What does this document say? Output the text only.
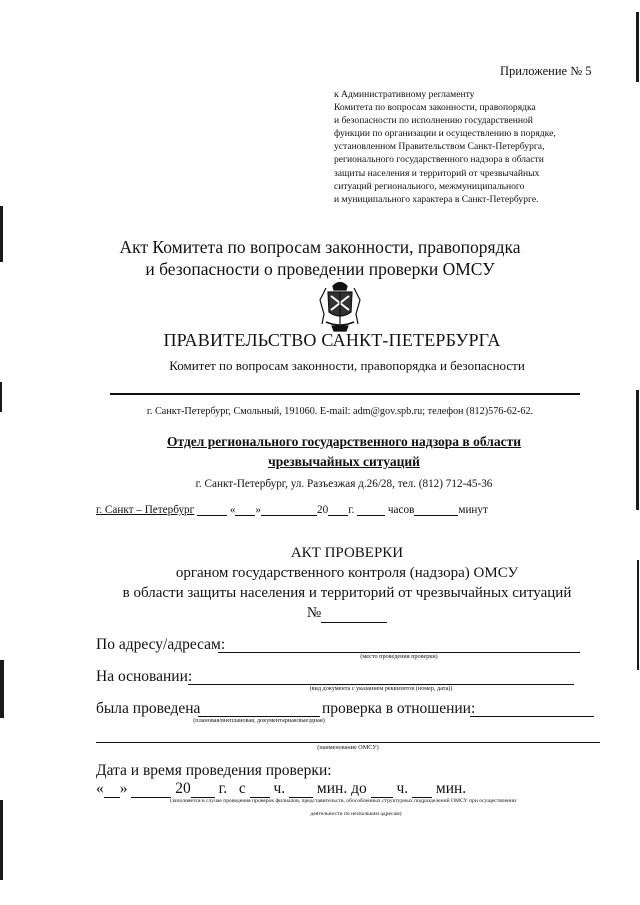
Приложение № 5
к Административному регламенту
Комитета по вопросам законности, правопорядка
и безопасности по исполнению государственной
функции по организации и осуществлению в порядке,
установленном Правительством Санкт-Петербурга,
регионального государственного надзора в области
защиты населения и территорий от чрезвычайных
ситуаций регионального, межмуниципального
и муниципального характера в Санкт-Петербурге.
Акт Комитета по вопросам законности, правопорядка
и безопасности о проведении проверки ОМСУ
ПРАВИТЕЛЬСТВО САНКТ-ПЕТЕРБУРГА
Комитет по вопросам законности, правопорядка и безопасности
г. Санкт-Петербург, Смольный, 191060. E-mail: adm@gov.spb.ru; телефон (812)576-62-62.
Отдел регионального государственного надзора в области
чрезвычайных ситуаций
г. Санкт-Петербург, ул. Разъезжая д.26/28, тел. (812) 712-45-36
г. Санкт – Петербург	« »	20 г.	часов	минут
АКТ ПРОВЕРКИ
органом государственного контроля (надзора) ОМСУ
в области защиты населения и территорий от чрезвычайных ситуаций
№
По адресу/адресам:
(место проведения проверки)
На основании:
(вид документа с указанием реквизитов (номер, дата))
была проведена	проверка в отношении:
(плановая/внеплановая, документарная/выездная)
(наименование ОМСУ)
Дата и время проведения проверки:
« »	20 г. с ч. мин. до ч. мин.
(заполняется в случае проведения проверок филиалов, представительств, обособленных структурных подразделений ОМСУ при осуществлении
деятельности по нескольким адресам)
